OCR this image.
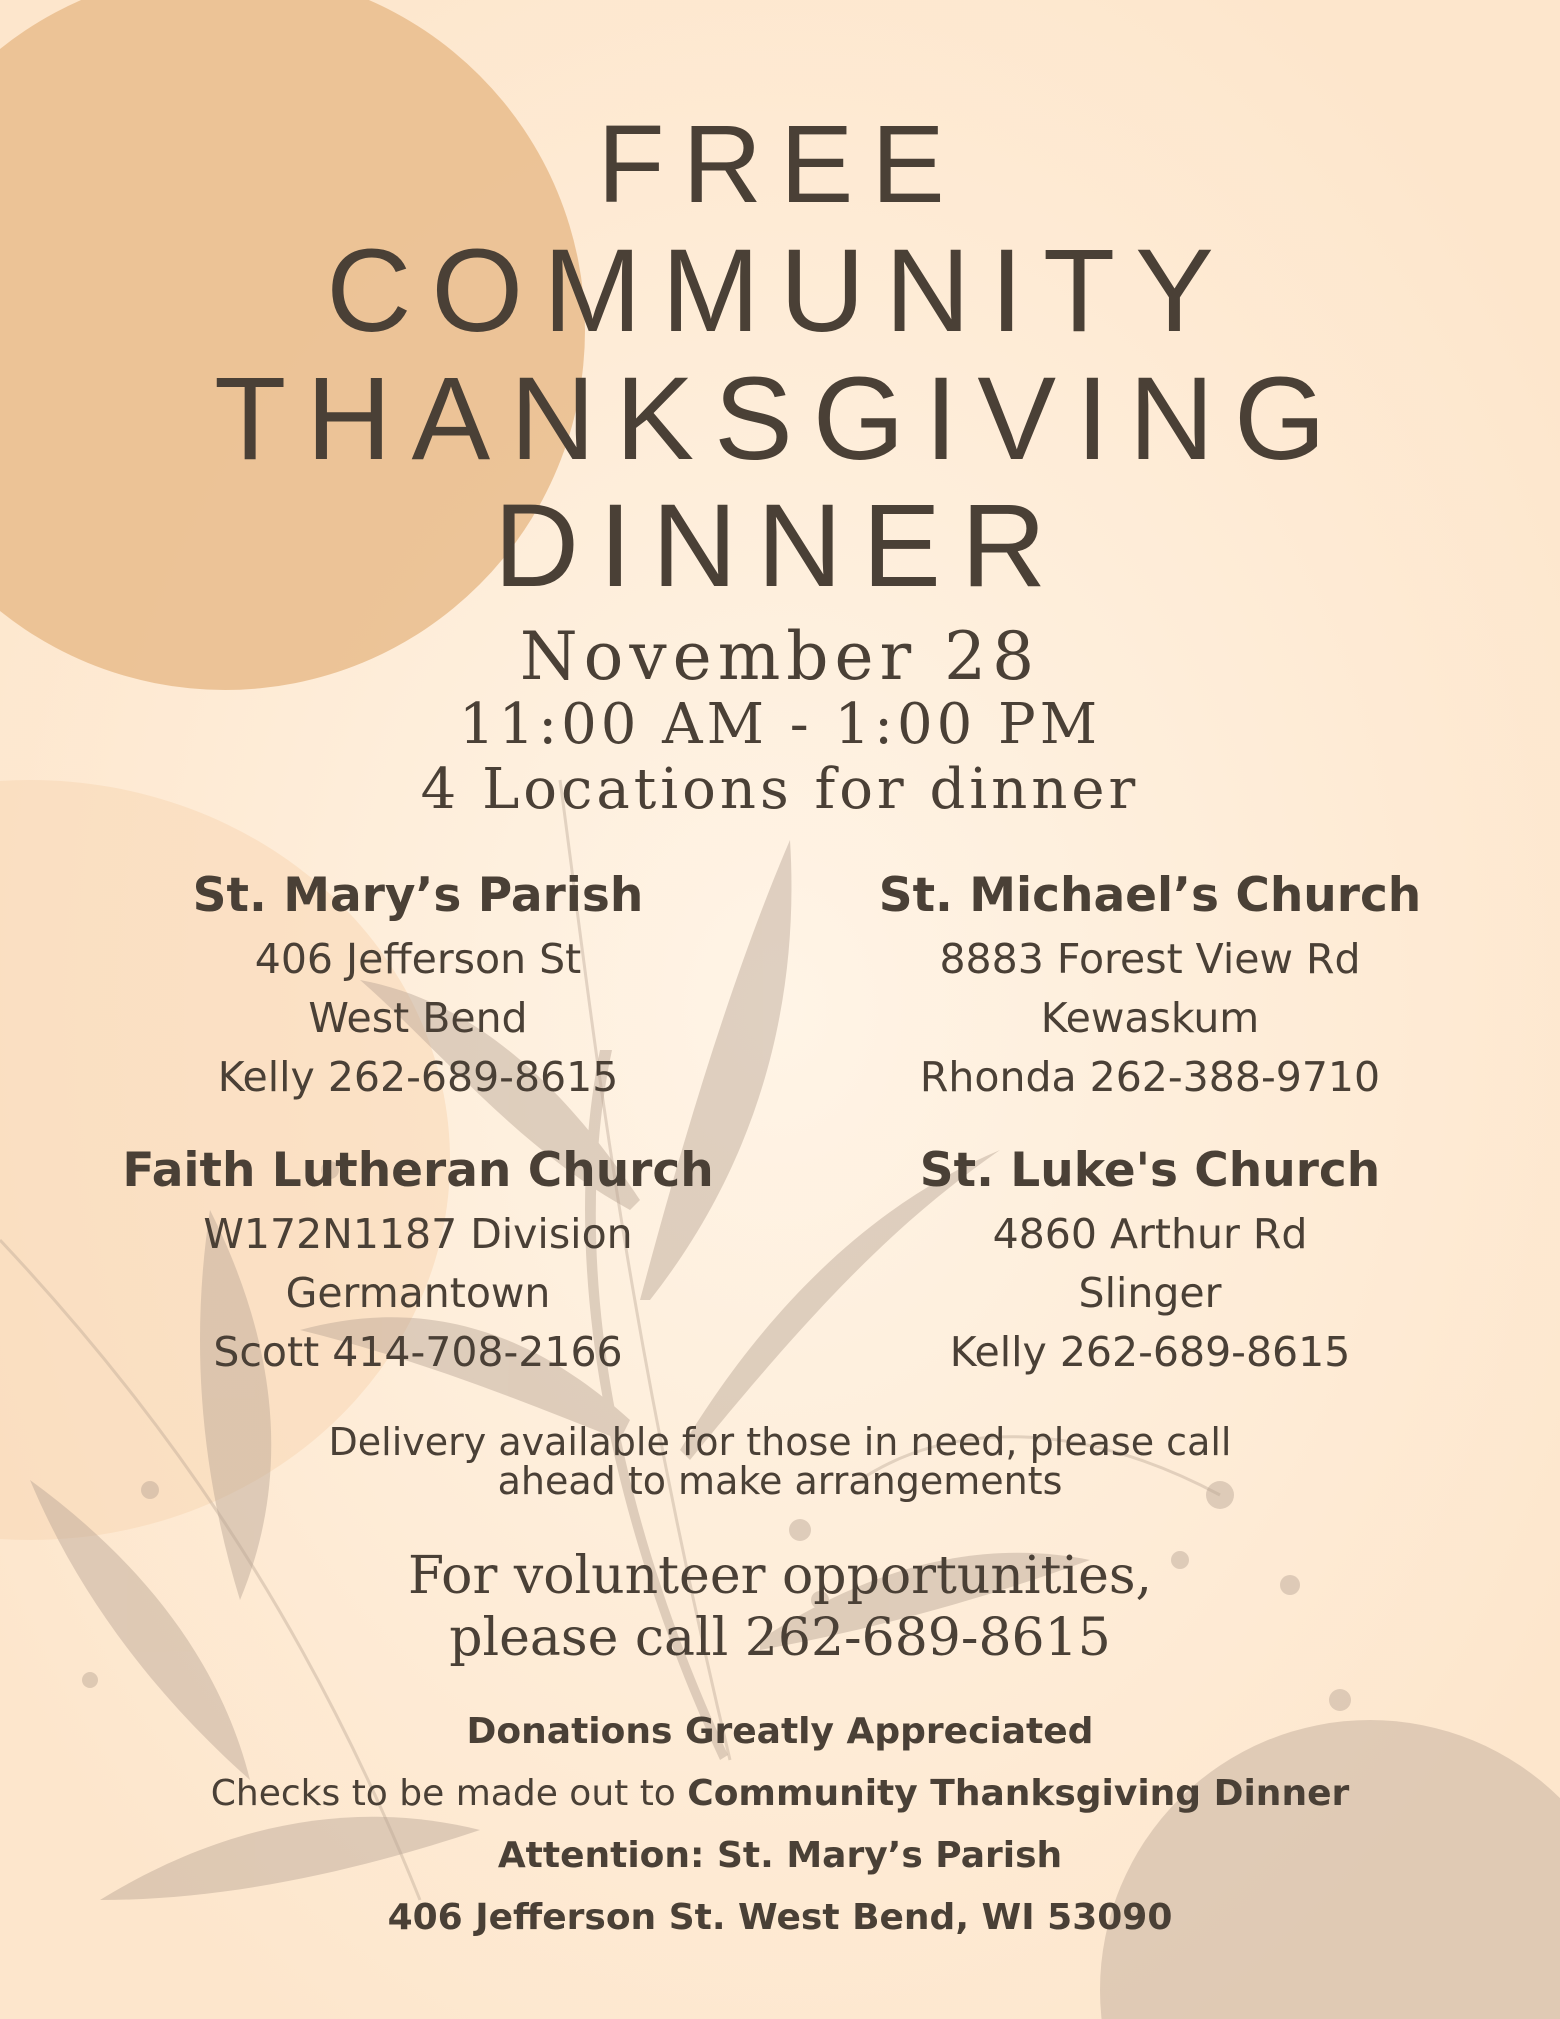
FREE
COMMUNITY
THANKSGIVING
DINNER
November 28
11:00 AM - 1:00 PM
4 Locations for dinner
St. Mary’s Parish
406 Jefferson St
West Bend
Kelly 262-689-8615
St. Michael’s Church
8883 Forest View Rd
Kewaskum
Rhonda 262-388-9710
Faith Lutheran Church
W172N1187 Division
Germantown
Scott 414-708-2166
St. Luke's Church
4860 Arthur Rd
Slinger
Kelly 262-689-8615
Delivery available for those in need, please call
ahead to make arrangements
For volunteer opportunities,
please call 262-689-8615
Donations Greatly Appreciated
Checks to be made out to Community Thanksgiving Dinner
Attention: St. Mary’s Parish
406 Jefferson St. West Bend, WI 53090
